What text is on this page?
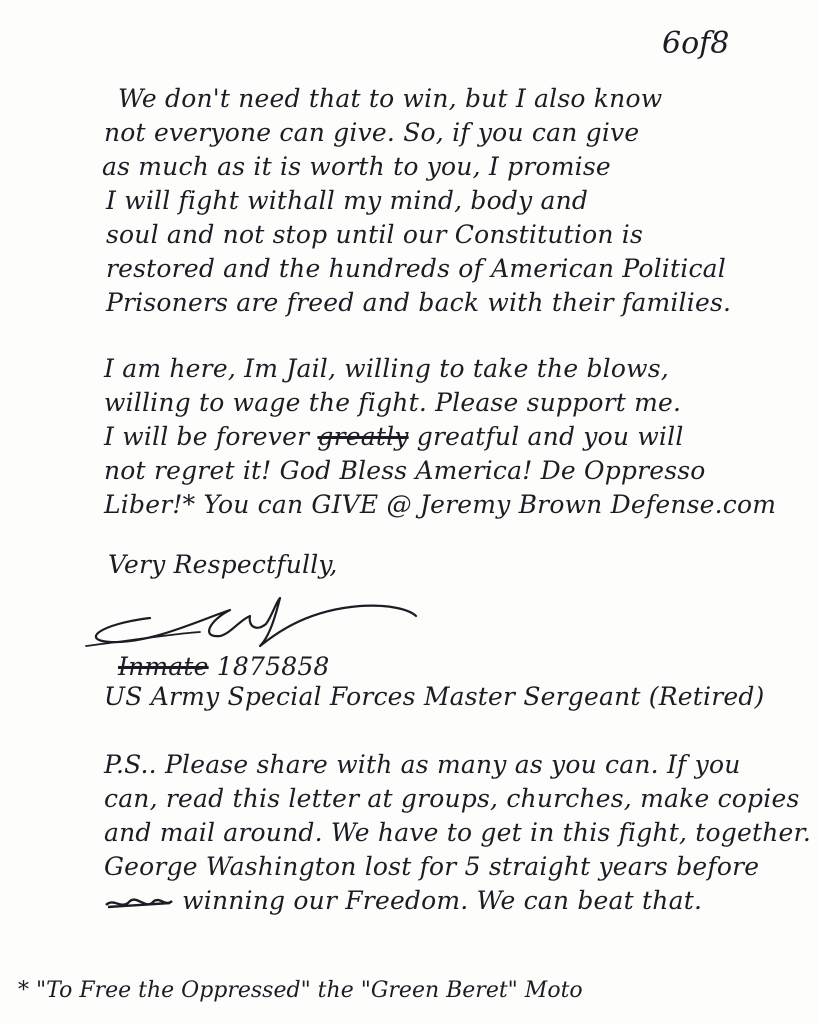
6of8
We don't need that to win, but I also know
not everyone can give. So, if you can give
as much as it is worth to you, I promise
I will fight withall my mind, body and
soul and not stop until our Constitution is
restored and the hundreds of American Political
Prisoners are freed and back with their families.
I am here, Im Jail, willing to take the blows,
willing to wage the fight. Please support me.
I will be forever greatly greatful and you will
not regret it! God Bless America! De Oppresso
Liber!* You can GIVE @ Jeremy Brown Defense.com
Very Respectfully,
Inmate 1875858
US Army Special Forces Master Sergeant (Retired)
P.S.. Please share with as many as you can. If you
can, read this letter at groups, churches, make copies
and mail around. We have to get in this fight, together.
George Washington lost for 5 straight years before
winning our Freedom. We can beat that.
* "To Free the Oppressed" the "Green Beret" Moto
